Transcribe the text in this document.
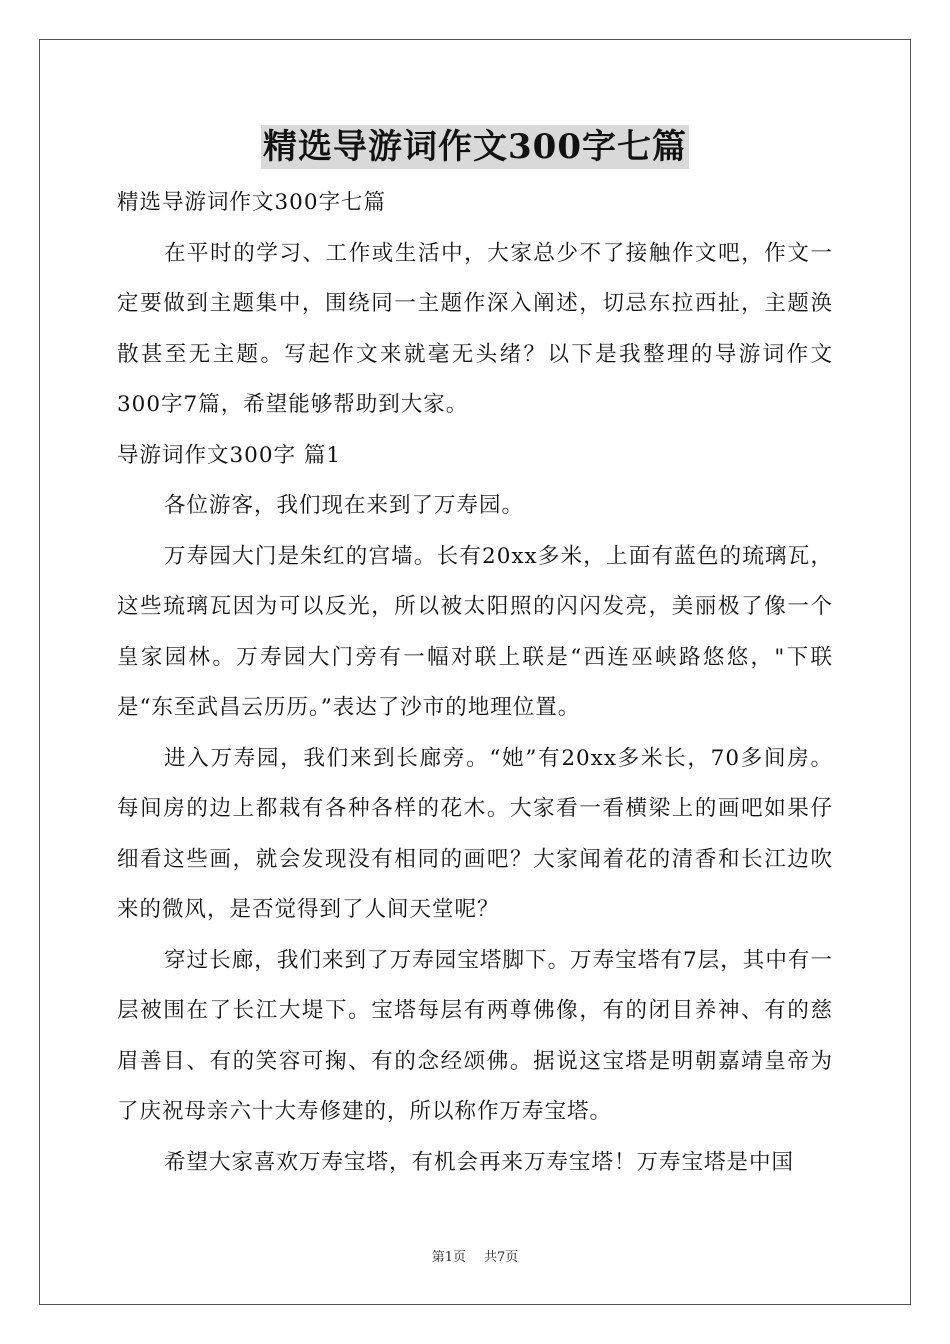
精选导游词作文300字七篇

精选导游词作文300字七篇

在平时的学习、工作或生活中，大家总少不了接触作文吧，作文一定要做到主题集中，围绕同一主题作深入阐述，切忌东拉西扯，主题涣散甚至无主题。写起作文来就毫无头绪？以下是我整理的导游词作文300字7篇，希望能够帮助到大家。

导游词作文300字 篇1

各位游客，我们现在来到了万寿园。

万寿园大门是朱红的宫墙。长有20xx多米，上面有蓝色的琉璃瓦，这些琉璃瓦因为可以反光，所以被太阳照的闪闪发亮，美丽极了像一个皇家园林。万寿园大门旁有一幅对联上联是“西连巫峡路悠悠，"下联是“东至武昌云历历。”表达了沙市的地理位置。

进入万寿园，我们来到长廊旁。“她”有20xx多米长，70多间房。每间房的边上都栽有各种各样的花木。大家看一看横梁上的画吧如果仔细看这些画，就会发现没有相同的画吧？大家闻着花的清香和长江边吹来的微风，是否觉得到了人间天堂呢？

穿过长廊，我们来到了万寿园宝塔脚下。万寿宝塔有7层，其中有一层被围在了长江大堤下。宝塔每层有两尊佛像，有的闭目养神、有的慈眉善目、有的笑容可掬、有的念经颂佛。据说这宝塔是明朝嘉靖皇帝为了庆祝母亲六十大寿修建的，所以称作万寿宝塔。

希望大家喜欢万寿宝塔，有机会再来万寿宝塔！万寿宝塔是中国

第1页 共7页
